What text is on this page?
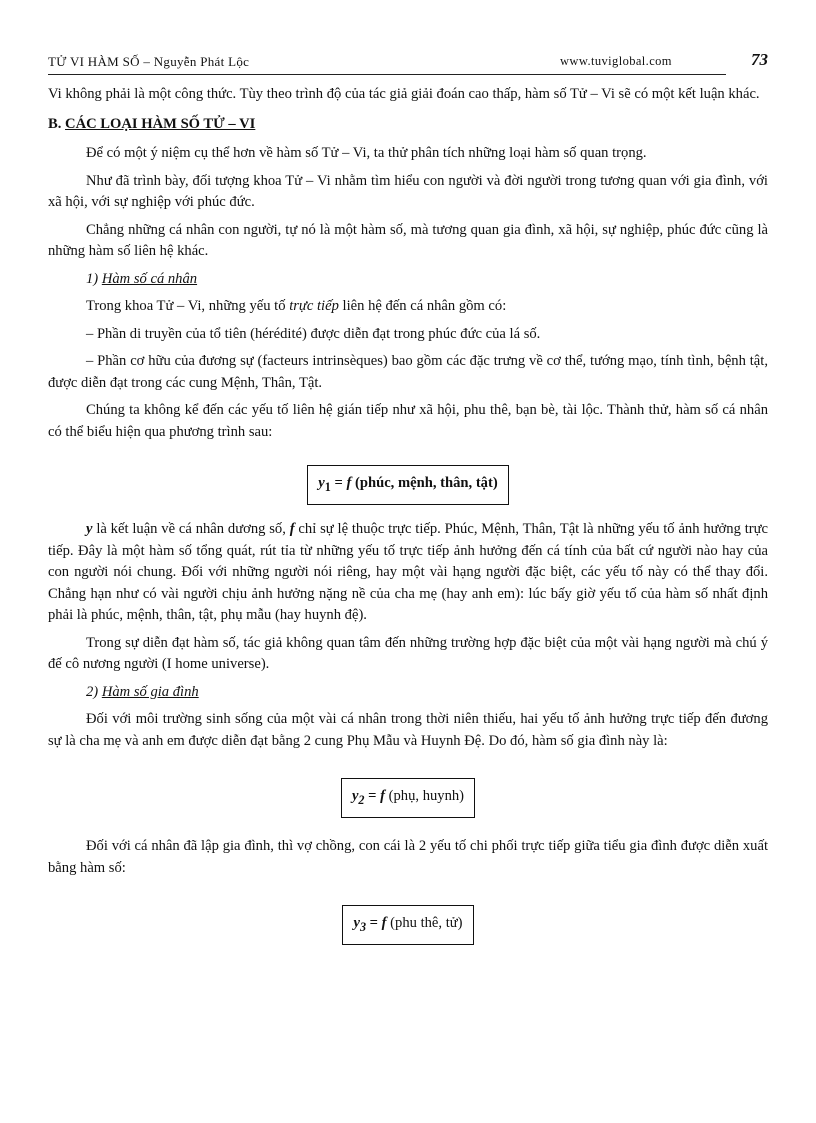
TỬ VI HÀM SỐ – Nguyễn Phát Lộc	www.tuviglobal.com	73

Vi không phải là một công thức. Tùy theo trình độ của tác giả giải đoán cao thấp, hàm số Tử – Vi sẽ có một kết luận khác.

B. CÁC LOẠI HÀM SỐ TỬ – VI

Để có một ý niệm cụ thể hơn về hàm số Tử – Vi, ta thử phân tích những loại hàm số quan trọng.

Như đã trình bày, đối tượng khoa Tử – Vi nhằm tìm hiểu con người và đời người trong tương quan với gia đình, với xã hội, với sự nghiệp với phúc đức.

Chẳng những cá nhân con người, tự nó là một hàm số, mà tương quan gia đình, xã hội, sự nghiệp, phúc đức cũng là những hàm số liên hệ khác.

1) Hàm số cá nhân

Trong khoa Tử – Vi, những yếu tố trực tiếp liên hệ đến cá nhân gồm có:

– Phần di truyền của tổ tiên (hérédité) được diễn đạt trong phúc đức của lá số.

– Phần cơ hữu của đương sự (facteurs intrinsèques) bao gồm các đặc trưng về cơ thể, tướng mạo, tính tình, bệnh tật, được diễn đạt trong các cung Mệnh, Thân, Tật.

Chúng ta không kể đến các yếu tố liên hệ gián tiếp như xã hội, phu thê, bạn bè, tài lộc. Thành thử, hàm số cá nhân có thể biểu hiện qua phương trình sau:

$y_1 = f$ (phúc, mệnh, thân, tật)

y là kết luận về cá nhân dương số, f chỉ sự lệ thuộc trực tiếp. Phúc, Mệnh, Thân, Tật là những yếu tố ảnh hưởng trực tiếp. Đây là một hàm số tổng quát, rút tỉa từ những yếu tố trực tiếp ảnh hưởng đến cá tính của bất cứ người nào hay của con người nói chung. Đối với những người nói riêng, hay một vài hạng người đặc biệt, các yếu tố này có thể thay đổi. Chẳng hạn như có vài người chịu ảnh hưởng nặng nề của cha mẹ (hay anh em): lúc bấy giờ yếu tố của hàm số nhất định phải là phúc, mệnh, thân, tật, phụ mẫu (hay huynh đệ).

Trong sự diễn đạt hàm số, tác giả không quan tâm đến những trường hợp đặc biệt của một vài hạng người mà chú ý đế cô nương người (I home universe).

2) Hàm số gia đình

Đối với môi trường sinh sống của một vài cá nhân trong thời niên thiếu, hai yếu tố ảnh hưởng trực tiếp đến đương sự là cha mẹ và anh em được diễn đạt bằng 2 cung Phụ Mẫu và Huynh Đệ. Do đó, hàm số gia đình này là:

$y_2 = f$ (phụ, huynh)

Đối với cá nhân đã lập gia đình, thì vợ chồng, con cái là 2 yếu tố chi phối trực tiếp giữa tiểu gia đình được diễn xuất bằng hàm số:

$y_3 = f$ (phu thê, tử)
